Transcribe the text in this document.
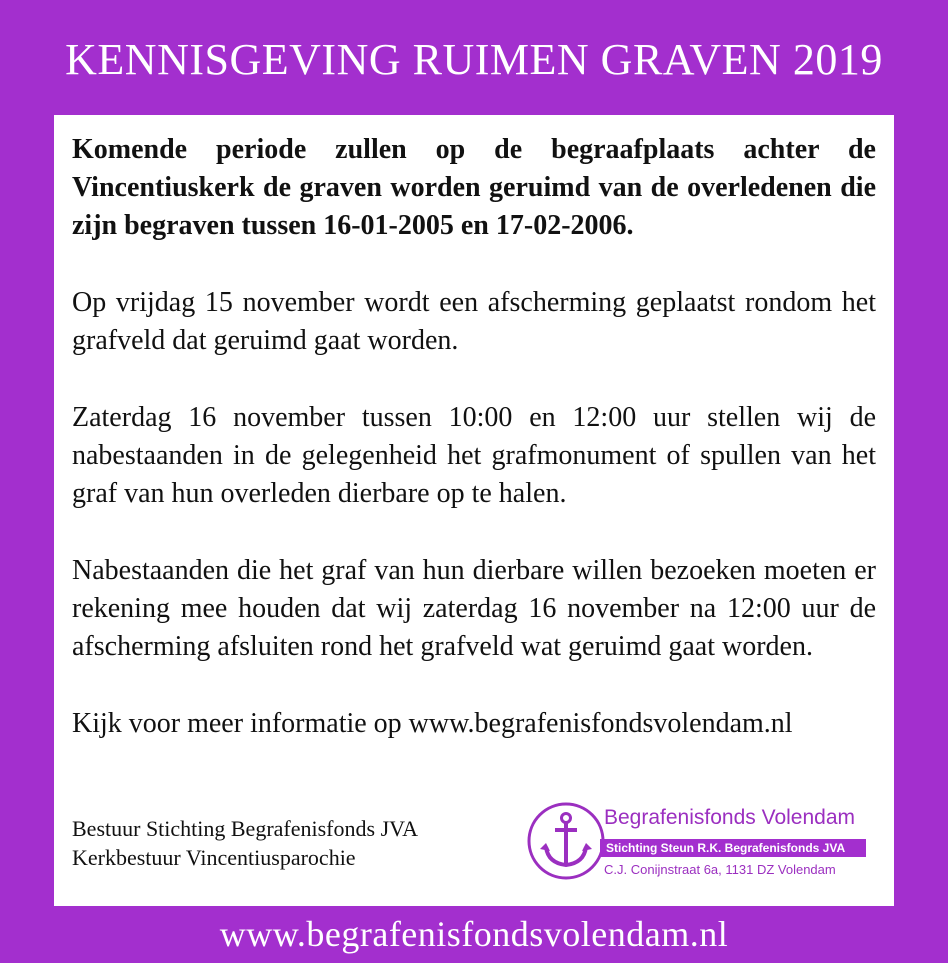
KENNISGEVING RUIMEN GRAVEN 2019

Komende periode zullen op de begraafplaats achter de Vincentiuskerk de graven worden geruimd van de overledenen die zijn begraven tussen 16-01-2005 en 17-02-2006.

Op vrijdag 15 november wordt een afscherming geplaatst rondom het grafveld dat geruimd gaat worden.

Zaterdag 16 november tussen 10:00 en 12:00 uur stellen wij de nabestaanden in de gelegenheid het grafmonument of spullen van het graf van hun overleden dierbare op te halen.

Nabestaanden die het graf van hun dierbare willen bezoeken moeten er rekening mee houden dat wij zaterdag 16 november na 12:00 uur de afscherming afsluiten rond het grafveld wat geruimd gaat worden.

Kijk voor meer informatie op www.begrafenisfondsvolendam.nl

Bestuur Stichting Begrafenisfonds JVA
Kerkbestuur Vincentiusparochie
Begrafenisfonds Volendam
Stichting Steun R.K. Begrafenisfonds JVA
C.J. Conijnstraat 6a, 1131 DZ Volendam
www.begrafenisfondsvolendam.nl
